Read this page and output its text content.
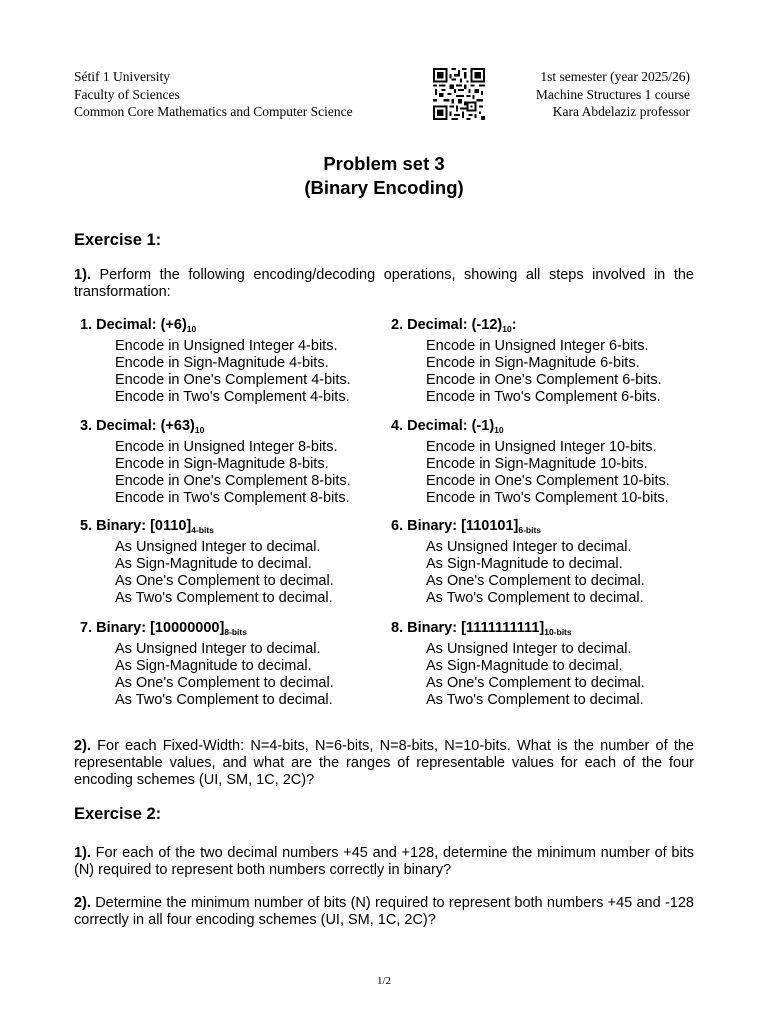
Sétif 1 University
Faculty of Sciences
Common Core Mathematics and Computer Science
1st semester (year 2025/26)
Machine Structures 1 course
Kara Abdelaziz professor
Problem set 3
(Binary Encoding)
Exercise 1:
1). Perform the following encoding/decoding operations, showing all steps involved in the transformation:
1. Decimal: $(+6)_{10}$
Encode in Unsigned Integer 4-bits.
Encode in Sign-Magnitude 4-bits.
Encode in One's Complement 4-bits.
Encode in Two's Complement 4-bits.
2. Decimal: $(-12)_{10}$:
Encode in Unsigned Integer 6-bits.
Encode in Sign-Magnitude 6-bits.
Encode in One's Complement 6-bits.
Encode in Two's Complement 6-bits.
3. Decimal: $(+63)_{10}$
Encode in Unsigned Integer 8-bits.
Encode in Sign-Magnitude 8-bits.
Encode in One's Complement 8-bits.
Encode in Two's Complement 8-bits.
4. Decimal: $(-1)_{10}$
Encode in Unsigned Integer 10-bits.
Encode in Sign-Magnitude 10-bits.
Encode in One's Complement 10-bits.
Encode in Two's Complement 10-bits.
5. Binary: $[0110]_{4-bits}$
As Unsigned Integer to decimal.
As Sign-Magnitude to decimal.
As One's Complement to decimal.
As Two's Complement to decimal.
6. Binary: $[110101]_{6-bits}$
As Unsigned Integer to decimal.
As Sign-Magnitude to decimal.
As One's Complement to decimal.
As Two's Complement to decimal.
7. Binary: $[10000000]_{8-bits}$
As Unsigned Integer to decimal.
As Sign-Magnitude to decimal.
As One's Complement to decimal.
As Two's Complement to decimal.
8. Binary: $[1111111111]_{10-bits}$
As Unsigned Integer to decimal.
As Sign-Magnitude to decimal.
As One's Complement to decimal.
As Two's Complement to decimal.
2). For each Fixed-Width: N=4-bits, N=6-bits, N=8-bits, N=10-bits. What is the number of the representable values, and what are the ranges of representable values for each of the four encoding schemes (UI, SM, 1C, 2C)?
Exercise 2:
1). For each of the two decimal numbers +45 and +128, determine the minimum number of bits (N) required to represent both numbers correctly in binary?
2). Determine the minimum number of bits (N) required to represent both numbers +45 and -128 correctly in all four encoding schemes (UI, SM, 1C, 2C)?
1/2
